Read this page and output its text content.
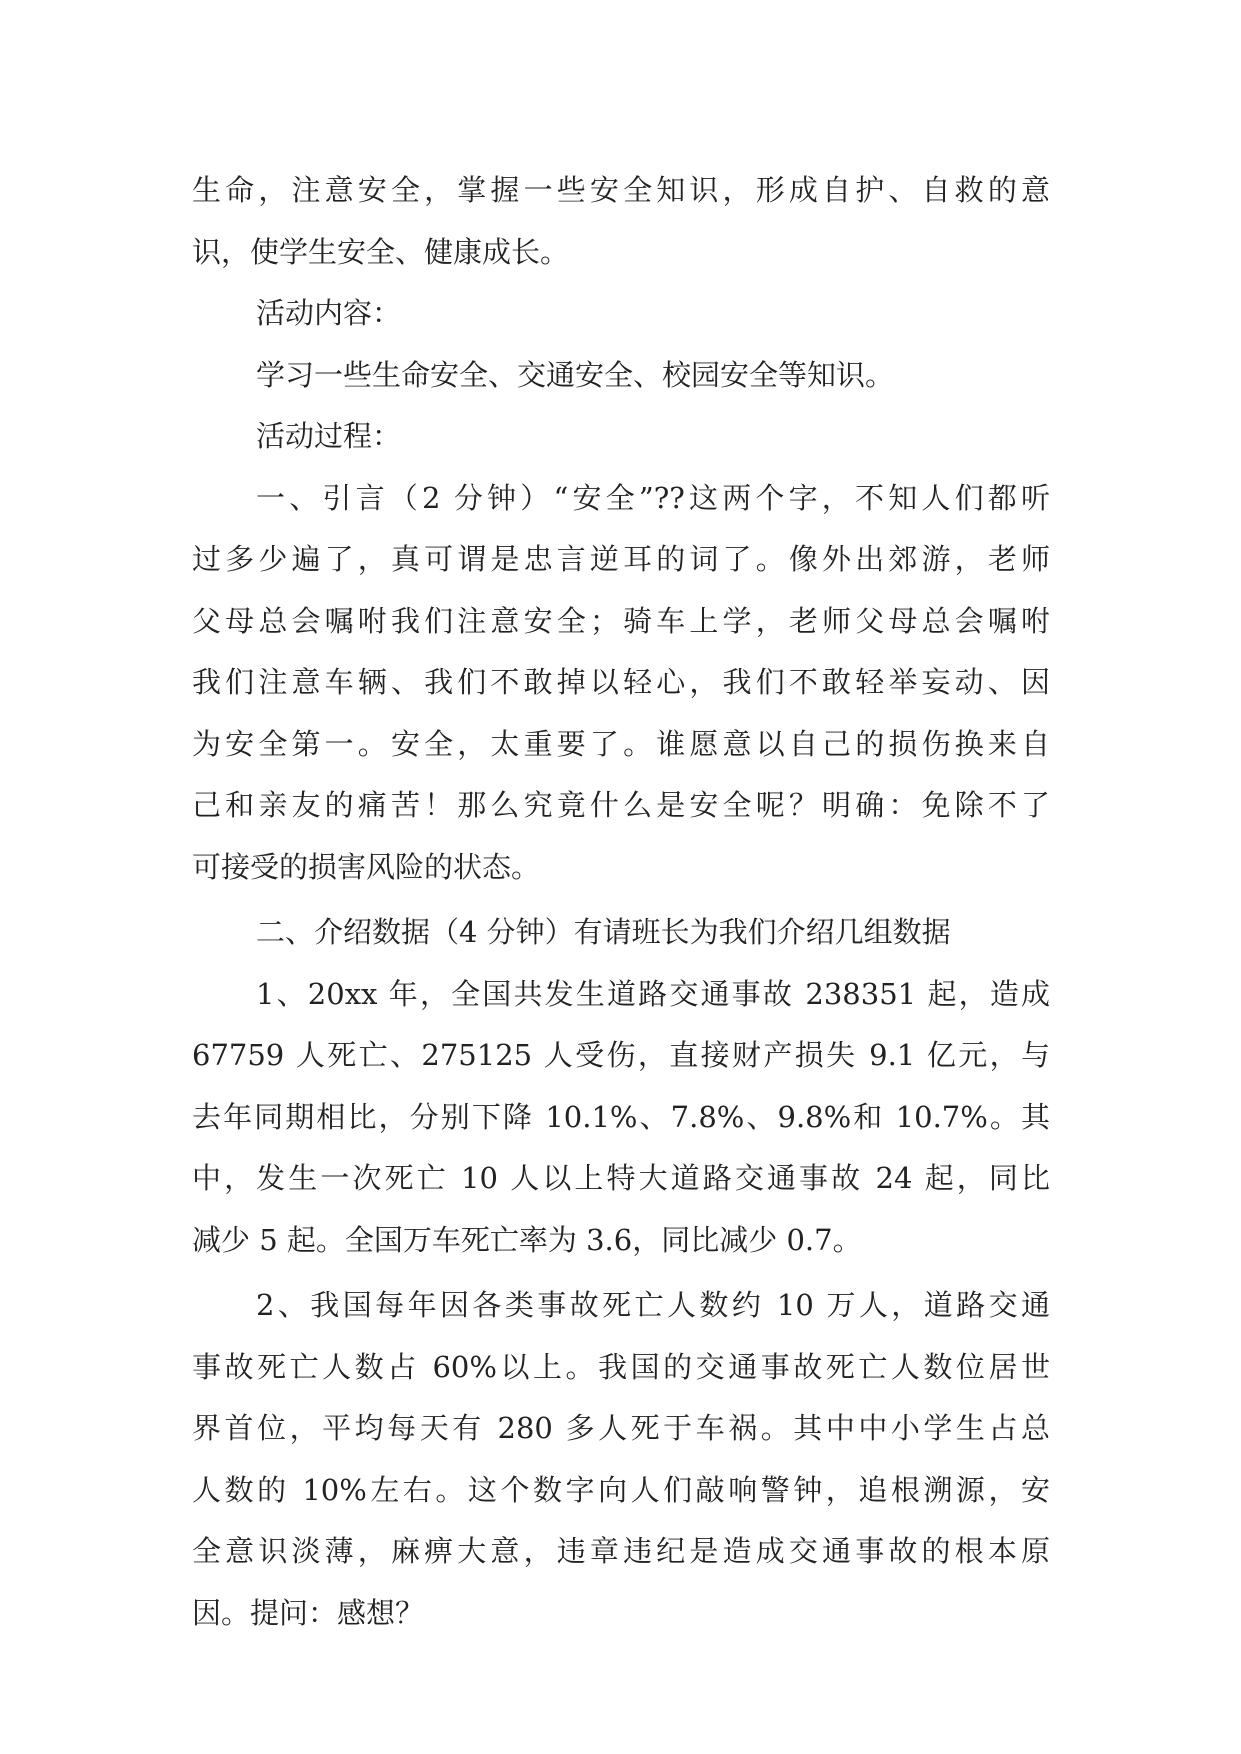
生命，注意安全，掌握一些安全知识，形成自护、自救的意
识，使学生安全、健康成长。
活动内容：
学习一些生命安全、交通安全、校园安全等知识。
活动过程：
一、引言（2 分钟）“安全”??这两个字，不知人们都听
过多少遍了，真可谓是忠言逆耳的词了。像外出郊游，老师
父母总会嘱咐我们注意安全；骑车上学，老师父母总会嘱咐
我们注意车辆、我们不敢掉以轻心，我们不敢轻举妄动、因
为安全第一。安全，太重要了。谁愿意以自己的损伤换来自
己和亲友的痛苦！那么究竟什么是安全呢？明确：免除不了
可接受的损害风险的状态。
二、介绍数据（4 分钟）有请班长为我们介绍几组数据
1、20xx 年，全国共发生道路交通事故 238351 起，造成
67759 人死亡、275125 人受伤，直接财产损失 9.1 亿元，与
去年同期相比，分别下降 10.1%、7.8%、9.8%和 10.7%。其
中，发生一次死亡 10 人以上特大道路交通事故 24 起，同比
减少 5 起。全国万车死亡率为 3.6，同比减少 0.7。
2、我国每年因各类事故死亡人数约 10 万人，道路交通
事故死亡人数占 60%以上。我国的交通事故死亡人数位居世
界首位，平均每天有 280 多人死于车祸。其中中小学生占总
人数的 10%左右。这个数字向人们敲响警钟，追根溯源，安
全意识淡薄，麻痹大意，违章违纪是造成交通事故的根本原
因。提问：感想？
